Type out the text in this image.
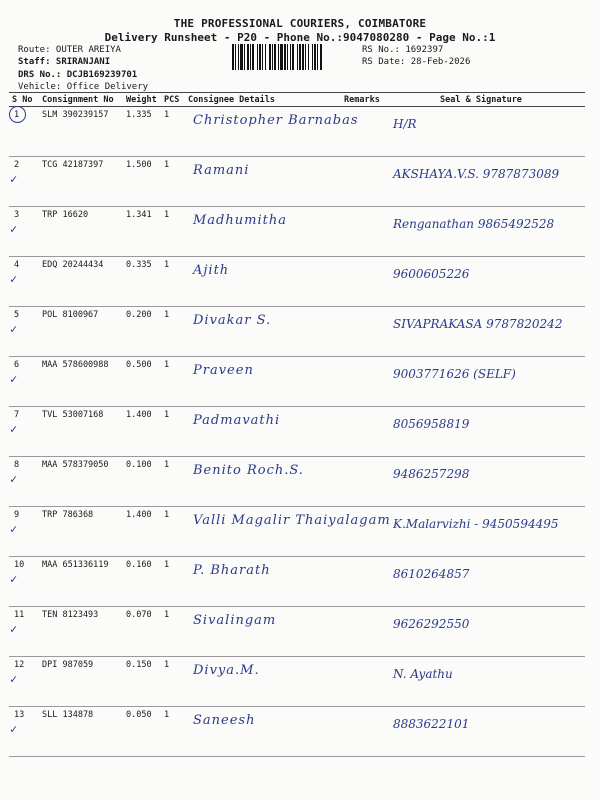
THE PROFESSIONAL COURIERS, COIMBATORE
Delivery Runsheet - P20 - Phone No.:9047080280 - Page No.:1
Route: OUTER AREIYA
Staff: SRIRANJANI
DRS No.: DCJB169239701
Vehicle: Office Delivery
RS No.: 1692397
RS Date: 28-Feb-2026
S No	Consignment No	Weight	PCS	Consignee Details	Remarks	Seal & Signature

1	SLM 390239157	1.335	1	Christopher Barnabas		H/R

✓
2	TCG 42187397	1.500	1	Ramani		AKSHAYA.V.S. 9787873089

✓
3	TRP 16620	1.341	1	Madhumitha		Renganathan 9865492528

✓
4	EDQ 20244434	0.335	1	Ajith		9600605226

✓
5	POL 8100967	0.200	1	Divakar S.		SIVAPRAKASA 9787820242

✓
6	MAA 578600988	0.500	1	Praveen		9003771626 (SELF)

✓
7	TVL 53007168	1.400	1	Padmavathi		8056958819

✓
8	MAA 578379050	0.100	1	Benito Roch.S.		9486257298

✓
9	TRP 786368	1.400	1	Valli Magalir Thaiyalagam		K.Malarvizhi - 9450594495

✓
10	MAA 651336119	0.160	1	P. Bharath		8610264857

✓
11	TEN 8123493	0.070	1	Sivalingam		9626292550

✓
12	DPI 987059	0.150	1	Divya.M.		N. Ayathu

✓
13	SLL 134878	0.050	1	Saneesh		8883622101
